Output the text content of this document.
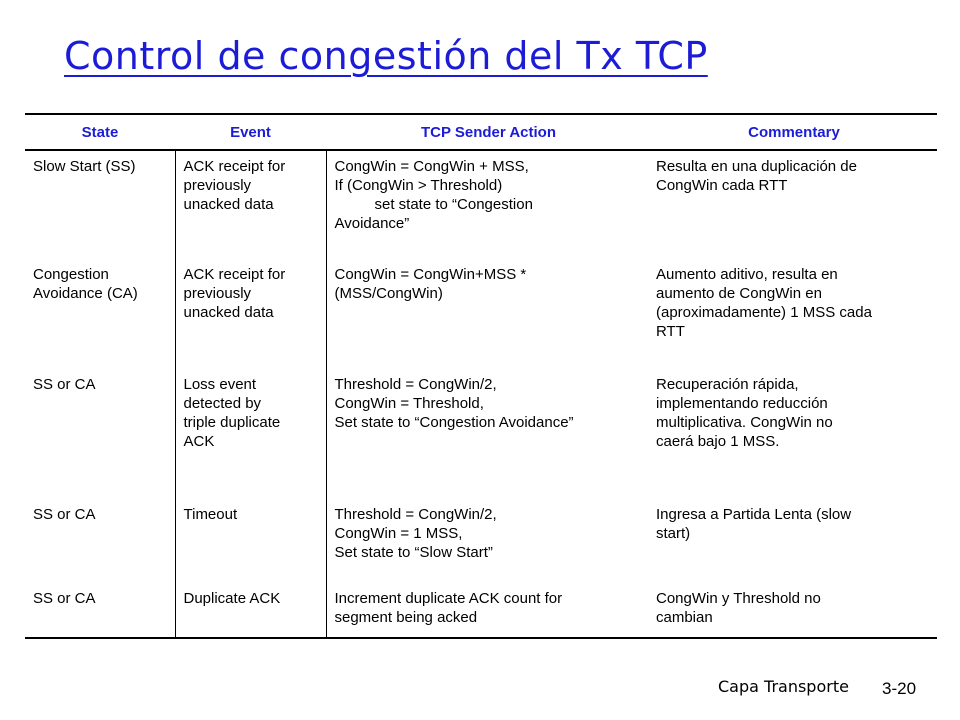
Control de congestión del Tx TCP
State	Event	TCP Sender Action	Commentary

Slow Start (SS)	ACK receipt for
previously
unacked data	CongWin = CongWin + MSS,
If (CongWin > Threshold)
set state to “Congestion
Avoidance”	Resulta en una duplicación de
CongWin cada RTT

Congestion
Avoidance (CA)	ACK receipt for
previously
unacked data	CongWin = CongWin+MSS *
(MSS/CongWin)	Aumento aditivo, resulta en
aumento de CongWin en
(aproximadamente) 1 MSS cada
RTT

SS or CA	Loss event
detected by
triple duplicate
ACK	Threshold = CongWin/2,
CongWin = Threshold,
Set state to “Congestion Avoidance”	Recuperación rápida,
implementando reducción
multiplicativa. CongWin no
caerá bajo 1 MSS.

SS or CA	Timeout	Threshold = CongWin/2,
CongWin = 1 MSS,
Set state to “Slow Start”	Ingresa a Partida Lenta (slow
start)

SS or CA	Duplicate ACK	Increment duplicate ACK count for
segment being acked	CongWin y Threshold no
cambian
Capa Transporte 3-20
